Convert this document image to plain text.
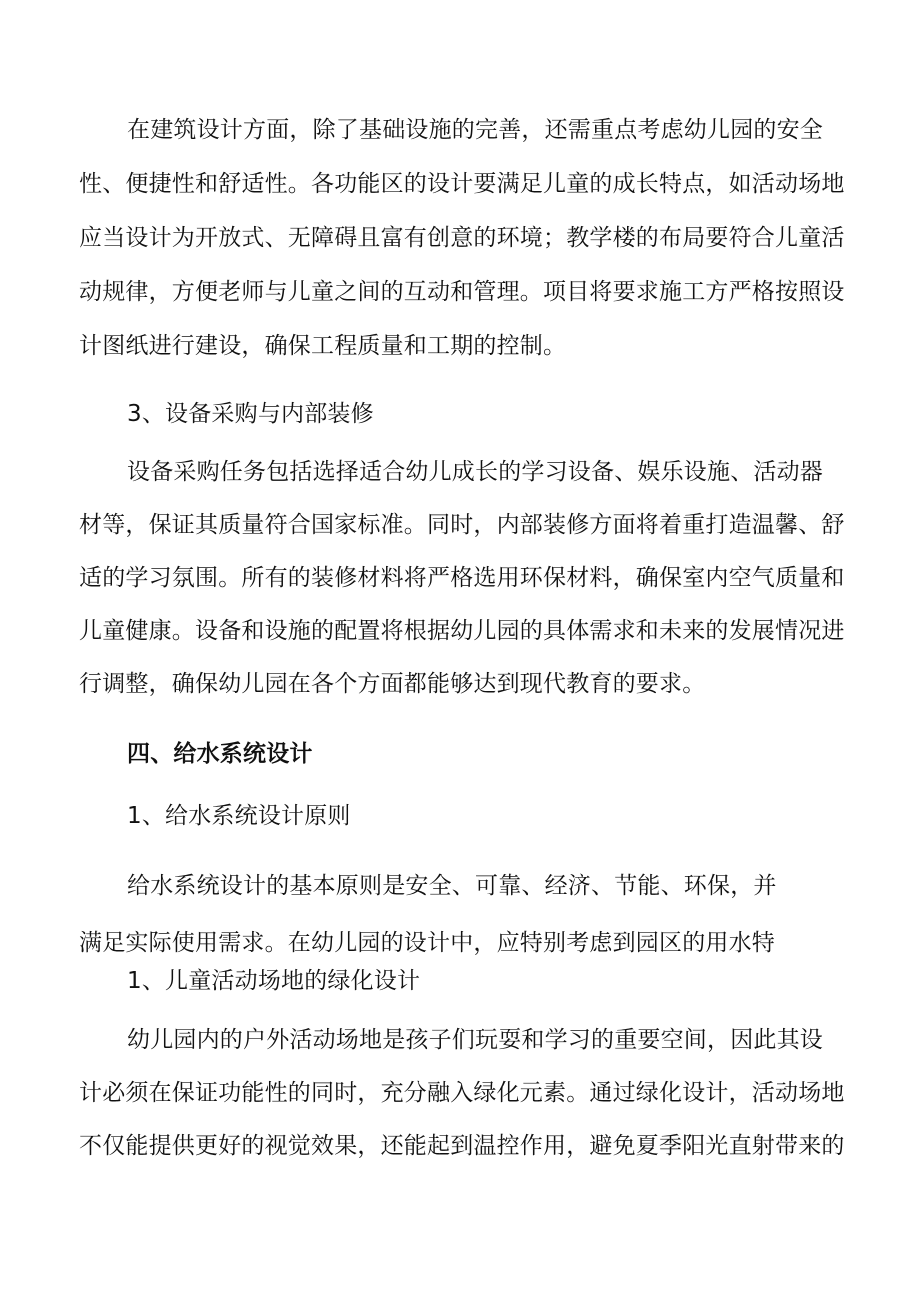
在建筑设计方面，除了基础设施的完善，还需重点考虑幼儿园的安全
性、便捷性和舒适性。各功能区的设计要满足儿童的成长特点，如活动场地
应当设计为开放式、无障碍且富有创意的环境；教学楼的布局要符合儿童活
动规律，方便老师与儿童之间的互动和管理。项目将要求施工方严格按照设
计图纸进行建设，确保工程质量和工期的控制。
3、设备采购与内部装修
设备采购任务包括选择适合幼儿成长的学习设备、娱乐设施、活动器
材等，保证其质量符合国家标准。同时，内部装修方面将着重打造温馨、舒
适的学习氛围。所有的装修材料将严格选用环保材料，确保室内空气质量和
儿童健康。设备和设施的配置将根据幼儿园的具体需求和未来的发展情况进
行调整，确保幼儿园在各个方面都能够达到现代教育的要求。
四、给水系统设计
1、给水系统设计原则
给水系统设计的基本原则是安全、可靠、经济、节能、环保，并
满足实际使用需求。在幼儿园的设计中，应特别考虑到园区的用水特
1、儿童活动场地的绿化设计
幼儿园内的户外活动场地是孩子们玩耍和学习的重要空间，因此其设
计必须在保证功能性的同时，充分融入绿化元素。通过绿化设计，活动场地
不仅能提供更好的视觉效果，还能起到温控作用，避免夏季阳光直射带来的
